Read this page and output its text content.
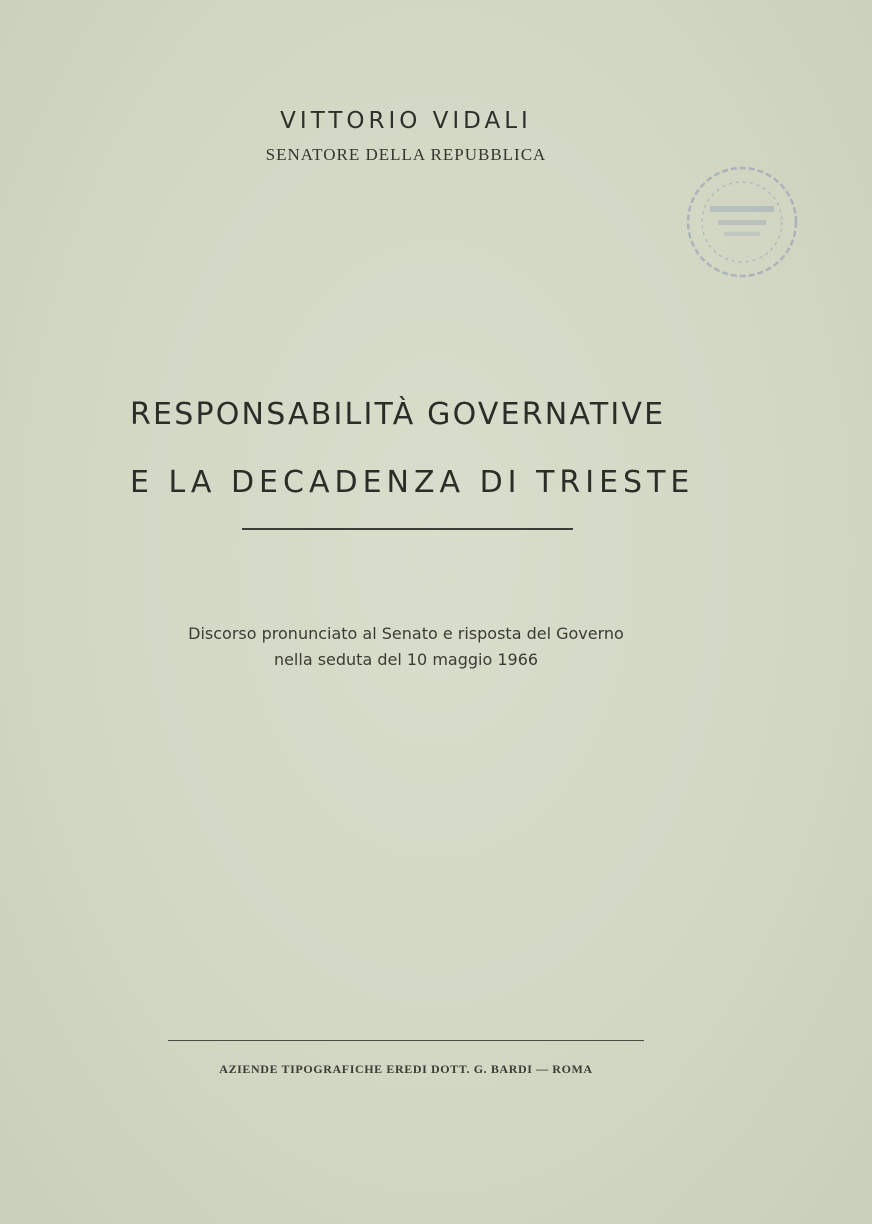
VITTORIO VIDALI
SENATORE DELLA REPUBBLICA
RESPONSABILITÀ GOVERNATIVE
E LA DECADENZA DI TRIESTE
Discorso pronunciato al Senato e risposta del Governo
nella seduta del 10 maggio 1966
AZIENDE TIPOGRAFICHE EREDI DOTT. G. BARDI — ROMA
